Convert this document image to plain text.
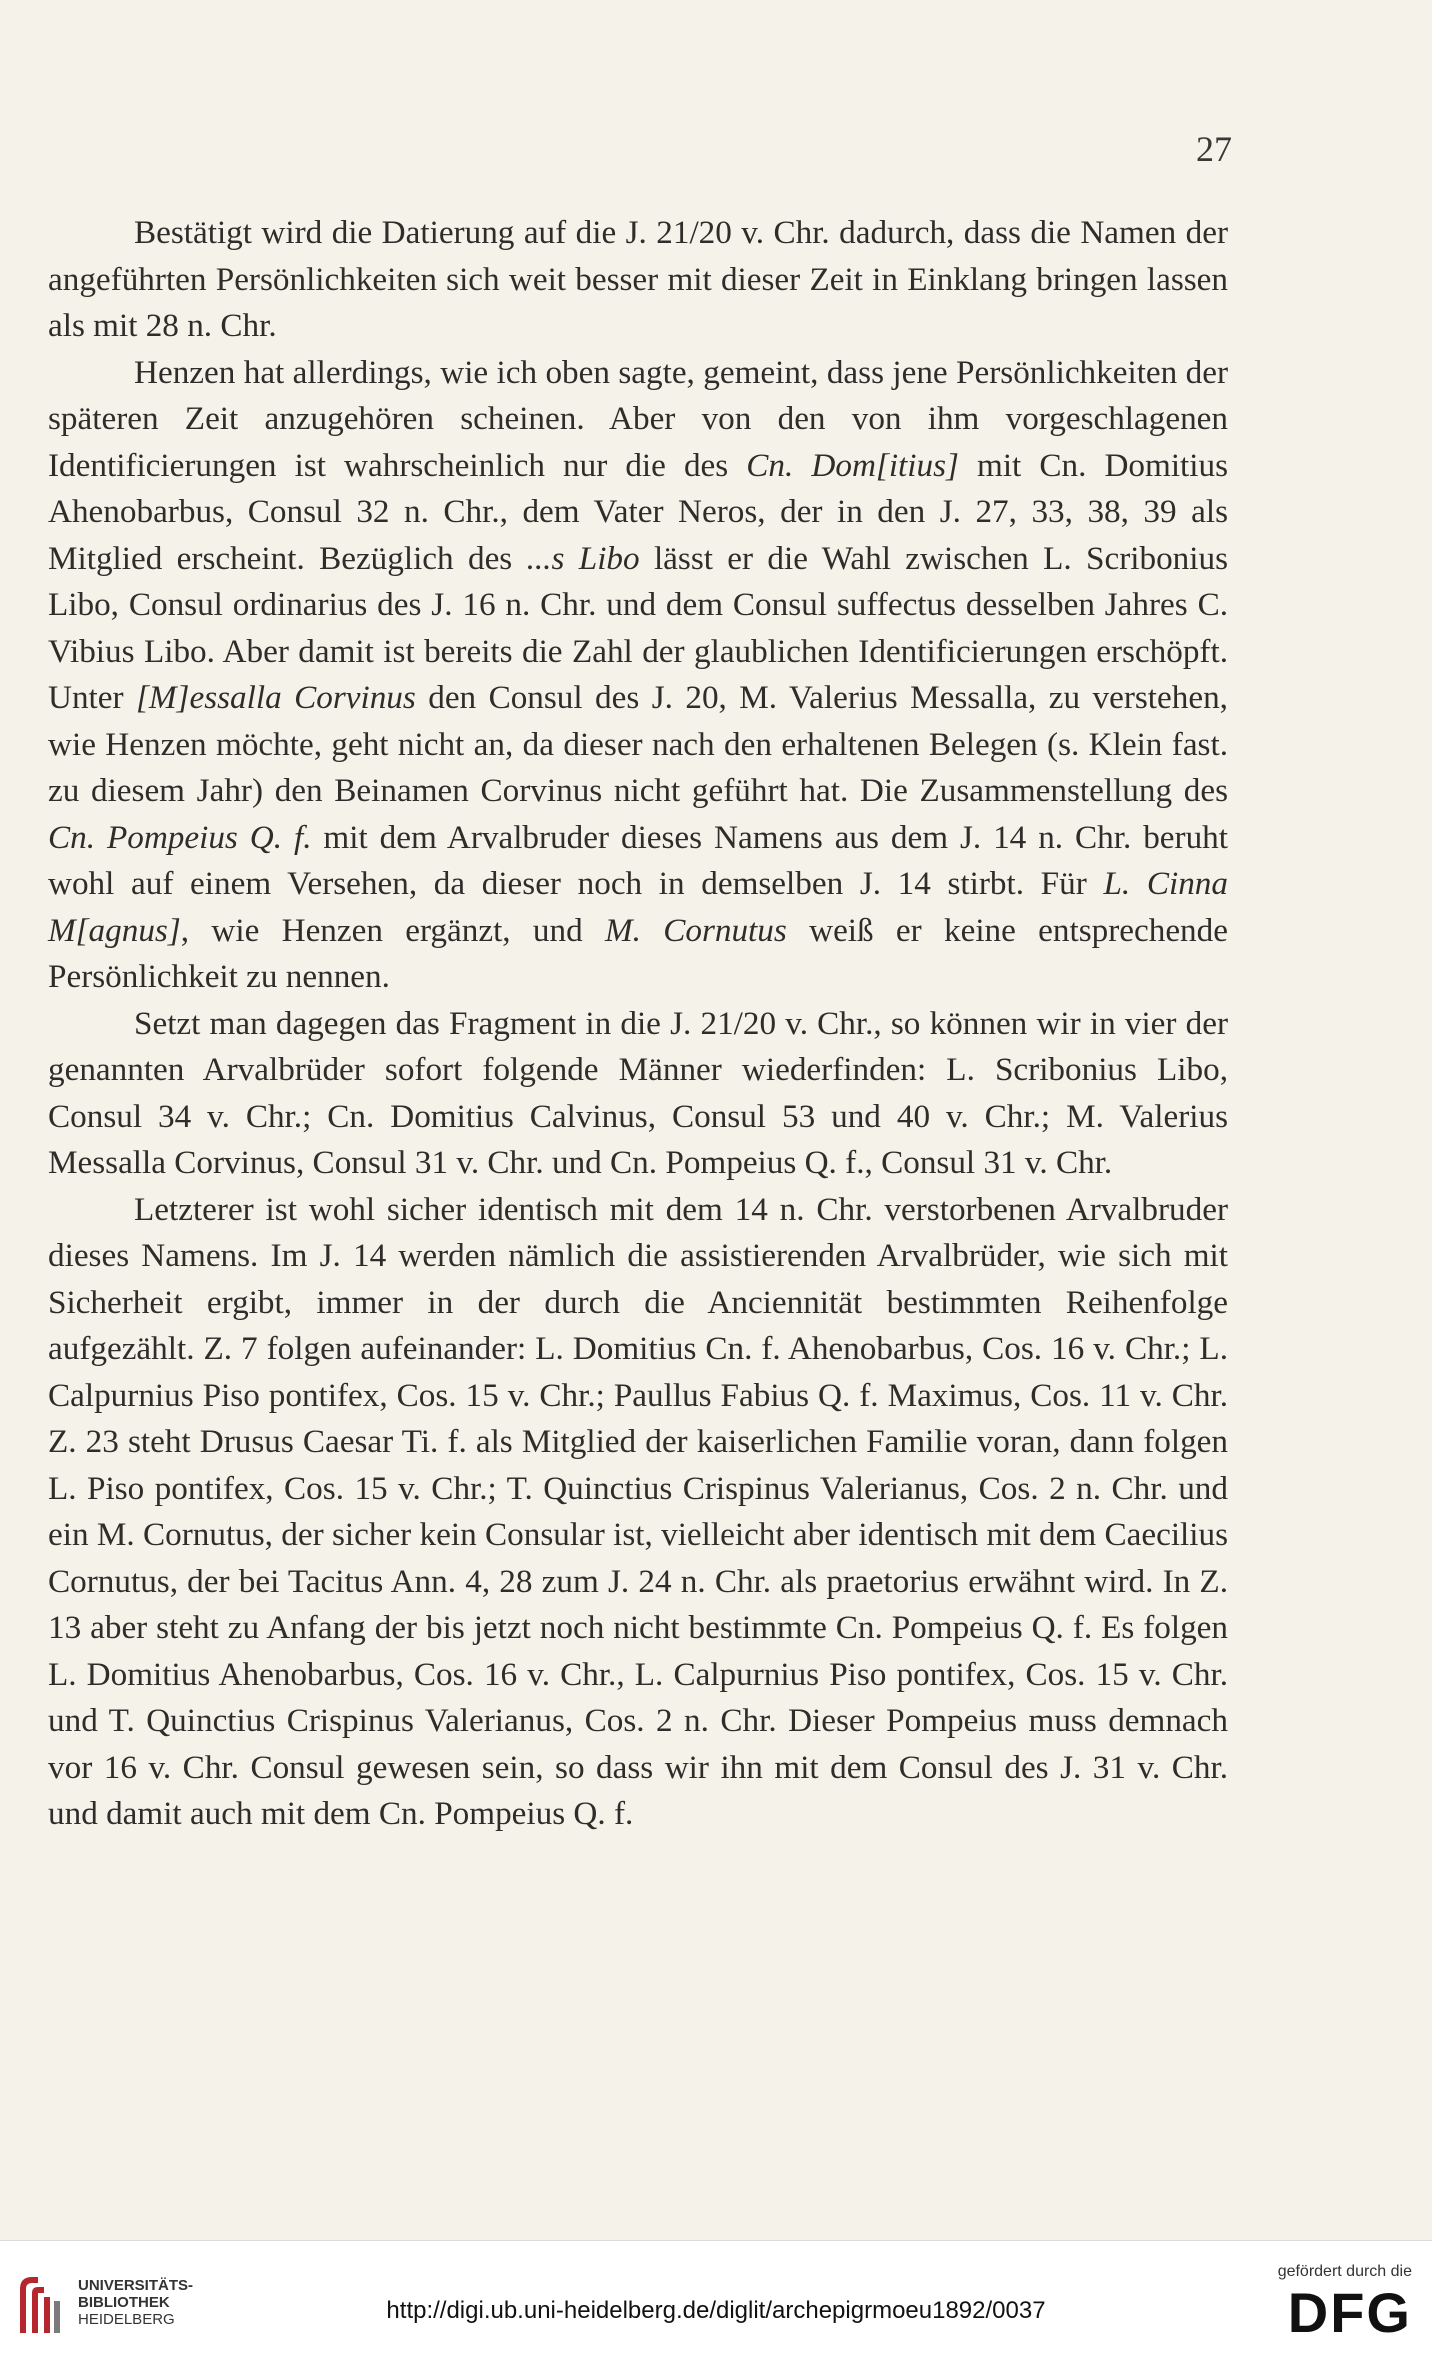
27

Bestätigt wird die Datierung auf die J. 21/20 v. Chr. dadurch, dass die Namen der angeführten Persönlichkeiten sich weit besser mit dieser Zeit in Einklang bringen lassen als mit 28 n. Chr.

Henzen hat allerdings, wie ich oben sagte, gemeint, dass jene Persönlichkeiten der späteren Zeit anzugehören scheinen. Aber von den von ihm vorgeschlagenen Identificierungen ist wahrscheinlich nur die des Cn. Dom[itius] mit Cn. Domitius Ahenobarbus, Consul 32 n. Chr., dem Vater Neros, der in den J. 27, 33, 38, 39 als Mitglied erscheint. Bezüglich des ...s Libo lässt er die Wahl zwischen L. Scribonius Libo, Consul ordinarius des J. 16 n. Chr. und dem Consul suffectus desselben Jahres C. Vibius Libo. Aber damit ist bereits die Zahl der glaublichen Identificierungen erschöpft. Unter [M]essalla Corvinus den Consul des J. 20, M. Valerius Messalla, zu verstehen, wie Henzen möchte, geht nicht an, da dieser nach den erhaltenen Belegen (s. Klein fast. zu diesem Jahr) den Beinamen Corvinus nicht geführt hat. Die Zusammenstellung des Cn. Pompeius Q. f. mit dem Arvalbruder dieses Namens aus dem J. 14 n. Chr. beruht wohl auf einem Versehen, da dieser noch in demselben J. 14 stirbt. Für L. Cinna M[agnus], wie Henzen ergänzt, und M. Cornutus weiß er keine entsprechende Persönlichkeit zu nennen.

Setzt man dagegen das Fragment in die J. 21/20 v. Chr., so können wir in vier der genannten Arvalbrüder sofort folgende Männer wiederfinden: L. Scribonius Libo, Consul 34 v. Chr.; Cn. Domitius Calvinus, Consul 53 und 40 v. Chr.; M. Valerius Messalla Corvinus, Consul 31 v. Chr. und Cn. Pompeius Q. f., Consul 31 v. Chr.

Letzterer ist wohl sicher identisch mit dem 14 n. Chr. verstorbenen Arvalbruder dieses Namens. Im J. 14 werden nämlich die assistierenden Arvalbrüder, wie sich mit Sicherheit ergibt, immer in der durch die Anciennität bestimmten Reihenfolge aufgezählt. Z. 7 folgen aufeinander: L. Domitius Cn. f. Ahenobarbus, Cos. 16 v. Chr.; L. Calpurnius Piso pontifex, Cos. 15 v. Chr.; Paullus Fabius Q. f. Maximus, Cos. 11 v. Chr. Z. 23 steht Drusus Caesar Ti. f. als Mitglied der kaiserlichen Familie voran, dann folgen L. Piso pontifex, Cos. 15 v. Chr.; T. Quinctius Crispinus Valerianus, Cos. 2 n. Chr. und ein M. Cornutus, der sicher kein Consular ist, vielleicht aber identisch mit dem Caecilius Cornutus, der bei Tacitus Ann. 4, 28 zum J. 24 n. Chr. als praetorius erwähnt wird. In Z. 13 aber steht zu Anfang der bis jetzt noch nicht bestimmte Cn. Pompeius Q. f. Es folgen L. Domitius Ahenobarbus, Cos. 16 v. Chr., L. Calpurnius Piso pontifex, Cos. 15 v. Chr. und T. Quinctius Crispinus Valerianus, Cos. 2 n. Chr. Dieser Pompeius muss demnach vor 16 v. Chr. Consul gewesen sein, so dass wir ihn mit dem Consul des J. 31 v. Chr. und damit auch mit dem Cn. Pompeius Q. f.

UNIVERSITÄTS-
BIBLIOTHEK
HEIDELBERG	http://digi.ub.uni-heidelberg.de/diglit/archepigrmoeu1892/0037
gefördert durch die
DFG
